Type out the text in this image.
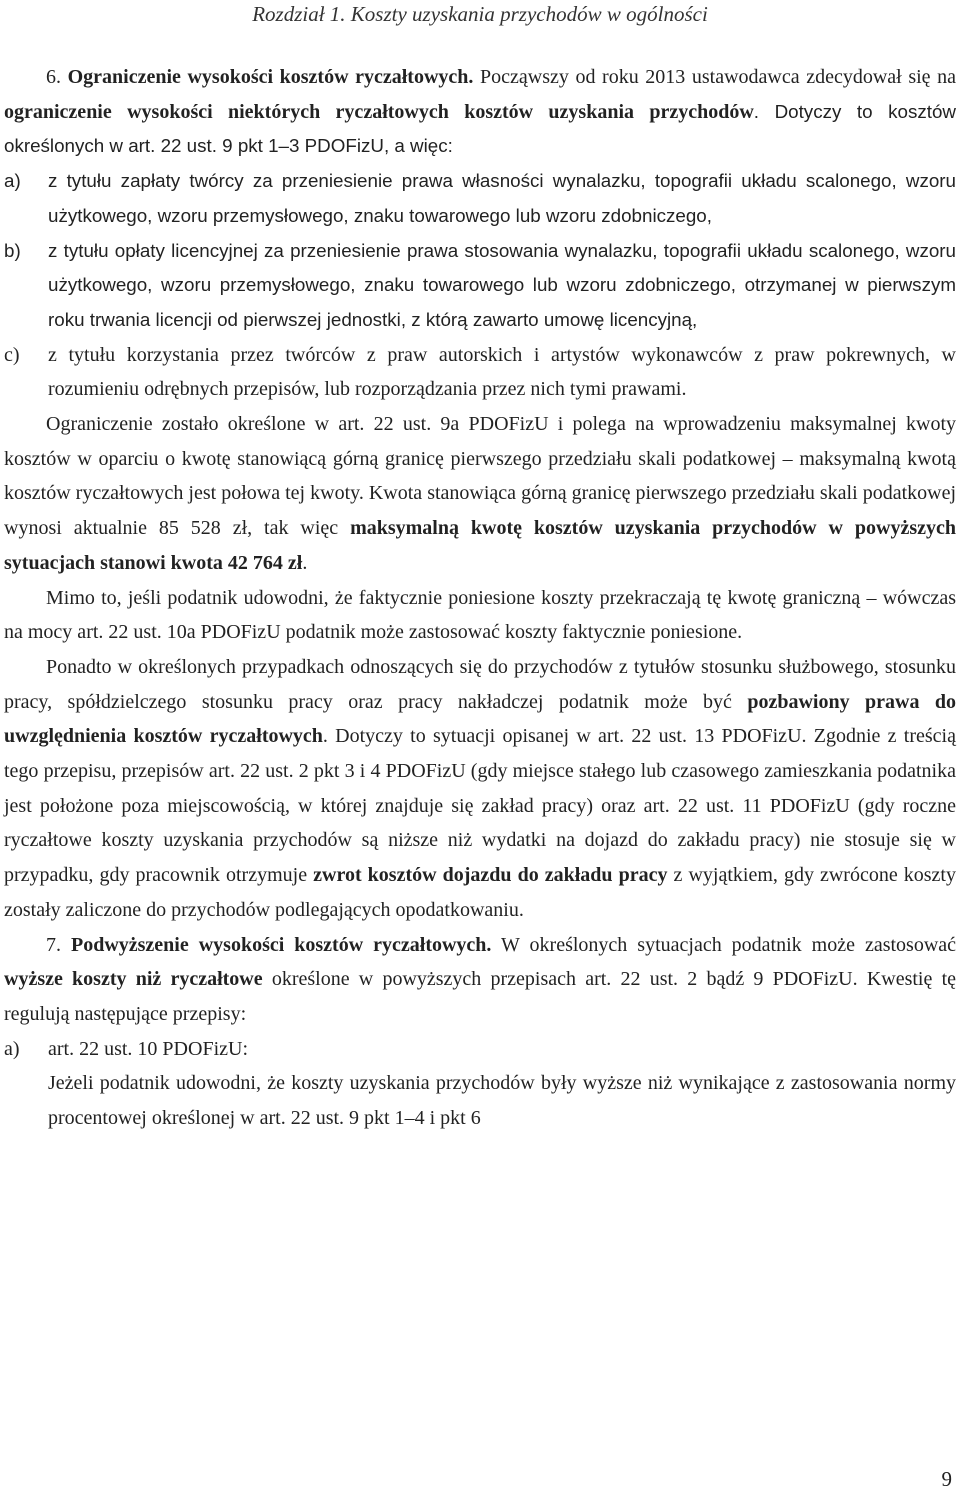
Rozdział 1. Koszty uzyskania przychodów w ogólności

6. Ograniczenie wysokości kosztów ryczałtowych. Począwszy od roku 2013 ustawodawca zdecydował się na ograniczenie wysokości niektórych ryczałtowych kosztów uzyskania przychodów. Dotyczy to kosztów określonych w art. 22 ust. 9 pkt 1–3 PDOFizU, a więc:

a) z tytułu zapłaty twórcy za przeniesienie prawa własności wynalazku, topografii układu scalonego, wzoru użytkowego, wzoru przemysłowego, znaku towarowego lub wzoru zdobniczego,
b) z tytułu opłaty licencyjnej za przeniesienie prawa stosowania wynalazku, topografii układu scalonego, wzoru użytkowego, wzoru przemysłowego, znaku towarowego lub wzoru zdobniczego, otrzymanej w pierwszym roku trwania licencji od pierwszej jednostki, z którą zawarto umowę licencyjną,
c) z tytułu korzystania przez twórców z praw autorskich i artystów wykonawców z praw pokrewnych, w rozumieniu odrębnych przepisów, lub rozporządzania przez nich tymi prawami.

Ograniczenie zostało określone w art. 22 ust. 9a PDOFizU i polega na wprowadzeniu maksymalnej kwoty kosztów w oparciu o kwotę stanowiącą górną granicę pierwszego przedziału skali podatkowej – maksymalną kwotą kosztów ryczałtowych jest połowa tej kwoty. Kwota stanowiąca górną granicę pierwszego przedziału skali podatkowej wynosi aktualnie 85 528 zł, tak więc maksymalną kwotę kosztów uzyskania przychodów w powyższych sytuacjach stanowi kwota 42 764 zł.

Mimo to, jeśli podatnik udowodni, że faktycznie poniesione koszty przekraczają tę kwotę graniczną – wówczas na mocy art. 22 ust. 10a PDOFizU podatnik może zastosować koszty faktycznie poniesione.

Ponadto w określonych przypadkach odnoszących się do przychodów z tytułów stosunku służbowego, stosunku pracy, spółdzielczego stosunku pracy oraz pracy nakładczej podatnik może być pozbawiony prawa do uwzględnienia kosztów ryczałtowych. Dotyczy to sytuacji opisanej w art. 22 ust. 13 PDOFizU. Zgodnie z treścią tego przepisu, przepisów art. 22 ust. 2 pkt 3 i 4 PDOFizU (gdy miejsce stałego lub czasowego zamieszkania podatnika jest położone poza miejscowością, w której znajduje się zakład pracy) oraz art. 22 ust. 11 PDOFizU (gdy roczne ryczałtowe koszty uzyskania przychodów są niższe niż wydatki na dojazd do zakładu pracy) nie stosuje się w przypadku, gdy pracownik otrzymuje zwrot kosztów dojazdu do zakładu pracy z wyjątkiem, gdy zwrócone koszty zostały zaliczone do przychodów podlegających opodatkowaniu.

7. Podwyższenie wysokości kosztów ryczałtowych. W określonych sytuacjach podatnik może zastosować wyższe koszty niż ryczałtowe określone w powyższych przepisach art. 22 ust. 2 bądź 9 PDOFizU. Kwestię tę regulują następujące przepisy:

a) art. 22 ust. 10 PDOFizU:

Jeżeli podatnik udowodni, że koszty uzyskania przychodów były wyższe niż wynikające z zastosowania normy procentowej określonej w art. 22 ust. 9 pkt 1–4 i pkt 6

9
